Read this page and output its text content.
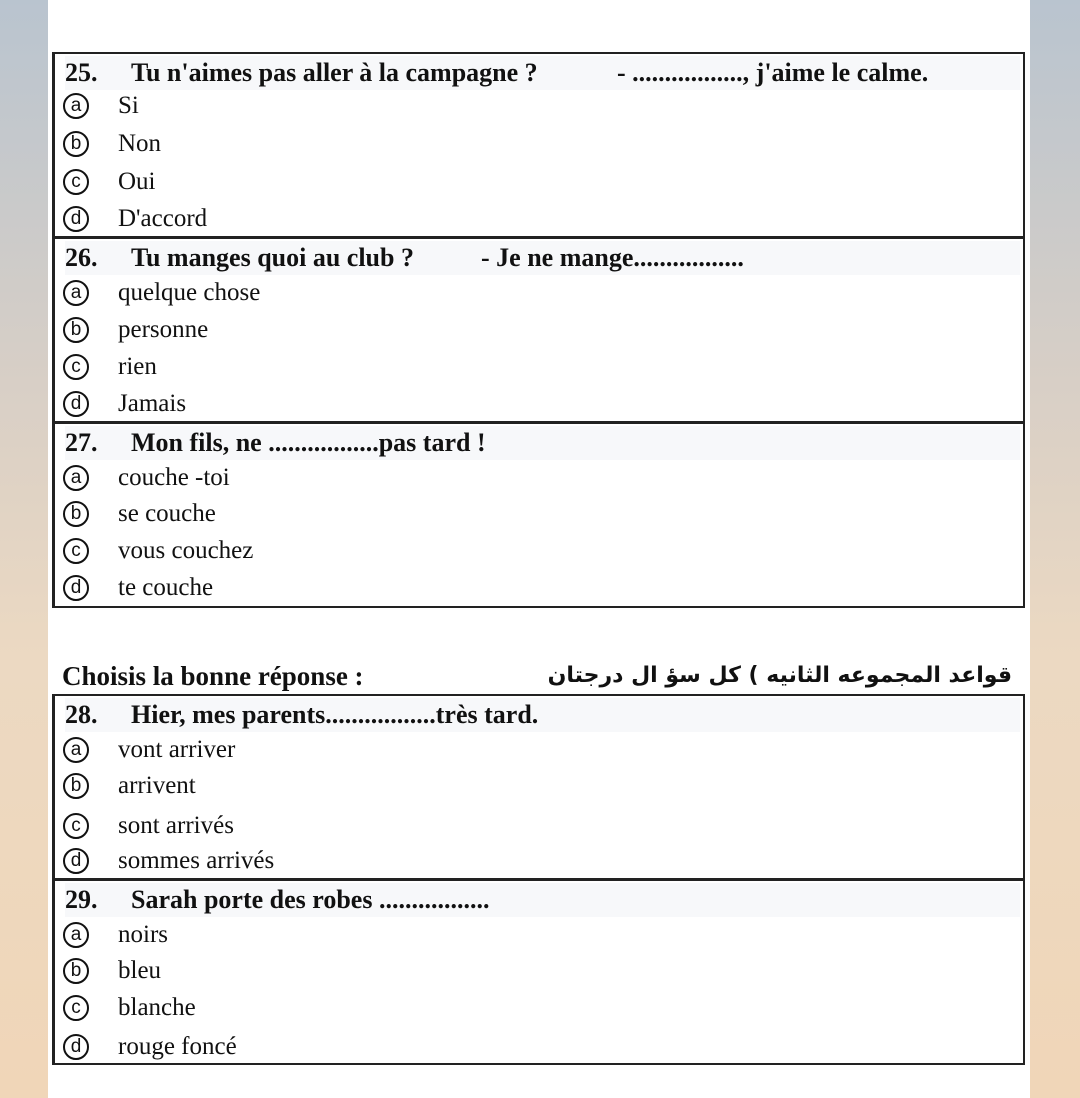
25. Tu n'aimes pas aller à la campagne ?	- ................., j'aime le calme.
a	Si
b	Non
c	Oui
d	D'accord
26. Tu manges quoi au club ?	- Je ne mange.................
a	quelque chose
b	personne
c	rien
d	Jamais
27. Mon fils, ne .................pas tard !
a	couche -toi
b	se couche
c	vous couchez
d	te couche
Choisis la bonne réponse :	قواعد المجموعه الثانيه ) كل سؤ ال درجتان
28. Hier, mes parents.................très tard.
a	vont arriver
b	arrivent
c	sont arrivés
d	sommes arrivés
29. Sarah porte des robes .................
a	noirs
b	bleu
c	blanche
d	rouge foncé
